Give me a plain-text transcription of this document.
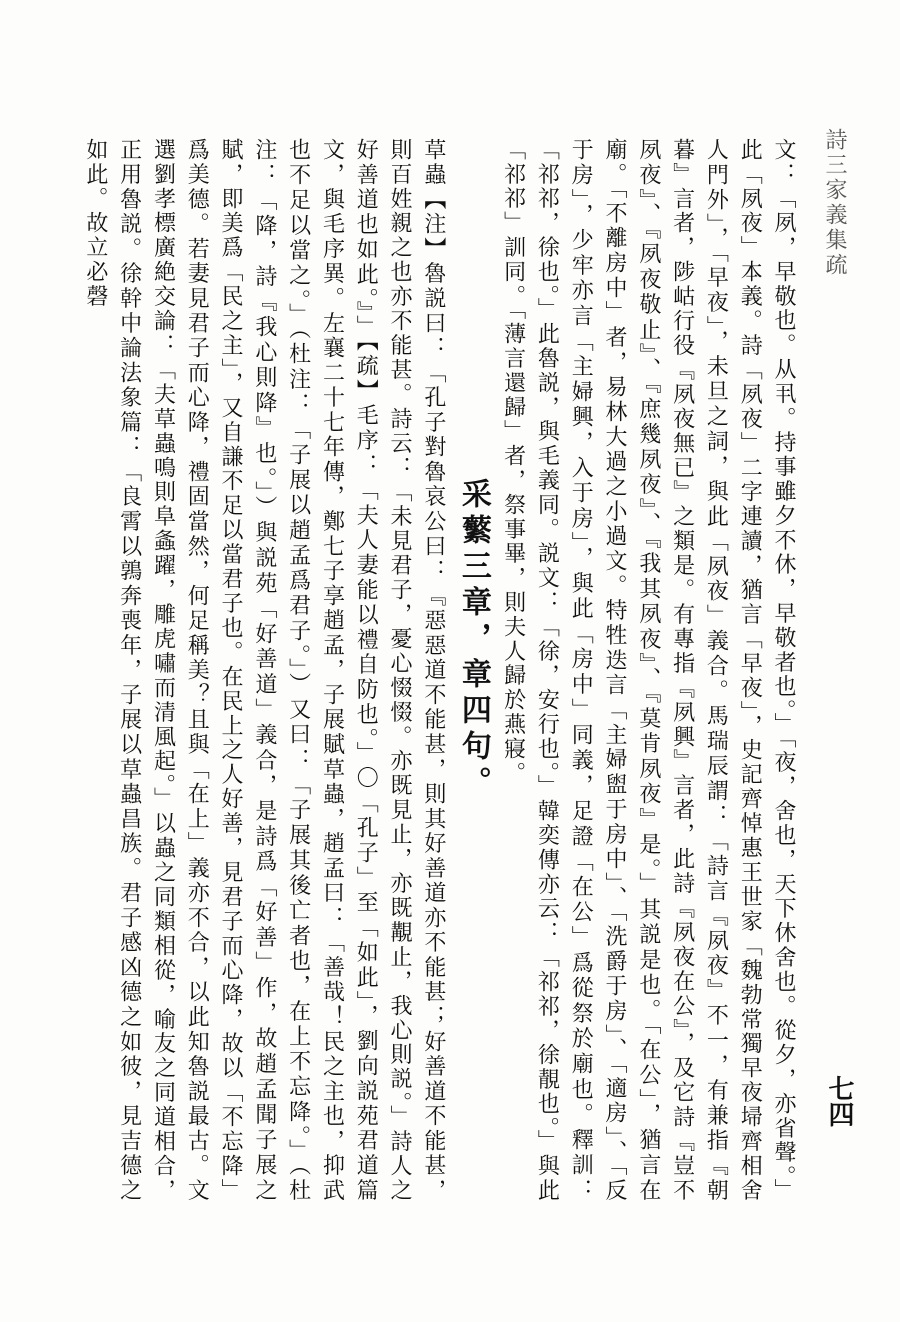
詩三家義集疏
七四

文：「夙，早敬也。从丮。持事雖夕不休，早敬者也。」「夜，舍也，天下休舍也。從夕，亦省聲。」此「夙夜」本義。詩「夙夜」二字連讀，猶言「早夜」，史記齊悼惠王世家「魏勃常獨早夜埽齊相舍人門外」，「早夜」，未旦之詞，與此「夙夜」義合。馬瑞辰謂：「詩言『夙夜』不一，有兼指『朝暮』言者，陟岵行役『夙夜無已』之類是。有專指『夙興』言者，此詩『夙夜在公』，及它詩『豈不夙夜』、『夙夜敬止』、『庶幾夙夜』、『我其夙夜』、『莫肯夙夜』是。」其説是也。「在公」，猶言在廟。「不離房中」者，易林大過之小過文。特牲迭言「主婦盥于房中」、「洗爵于房」、「適房」、「反于房」，少牢亦言「主婦興，入于房」，與此「房中」同義，足證「在公」爲從祭於廟也。釋訓：「祁祁，徐也。」此魯説，與毛義同。説文：「徐，安行也。」韓奕傳亦云：「祁祁，徐靚也。」與此「祁祁」訓同。「薄言還歸」者，祭事畢，則夫人歸於燕寢。

采蘩三章，章四句。

草蟲【注】魯説曰：「孔子對魯哀公曰：『惡惡道不能甚，則其好善道亦不能甚；好善道不能甚，則百姓親之也亦不能甚。詩云：「未見君子，憂心惙惙。亦既見止，亦既覯止，我心則説。」詩人之好善道也如此。』」【疏】毛序：「夫人妻能以禮自防也。」〇「孔子」至「如此」，劉向説苑君道篇文，與毛序異。左襄二十七年傳，鄭七子享趙孟，子展賦草蟲，趙孟曰：「善哉！民之主也，抑武也不足以當之。」（杜注：「子展以趙孟爲君子。」）又曰：「子展其後亡者也，在上不忘降。」（杜注：「降，詩『我心則降』也。」）與説苑「好善道」義合，是詩爲「好善」作，故趙孟聞子展之賦，即美爲「民之主」，又自謙不足以當君子也。在民上之人好善，見君子而心降，故以「不忘降」爲美德。若妻見君子而心降，禮固當然，何足稱美？且與「在上」義亦不合，以此知魯説最古。文選劉孝標廣絶交論：「夫草蟲鳴則阜螽躍，雕虎嘯而清風起。」以蟲之同類相從，喻友之同道相合，正用魯説。徐幹中論法象篇：「良霄以鶉奔喪年，子展以草蟲昌族。君子感凶德之如彼，見吉德之如此。故立必磬
